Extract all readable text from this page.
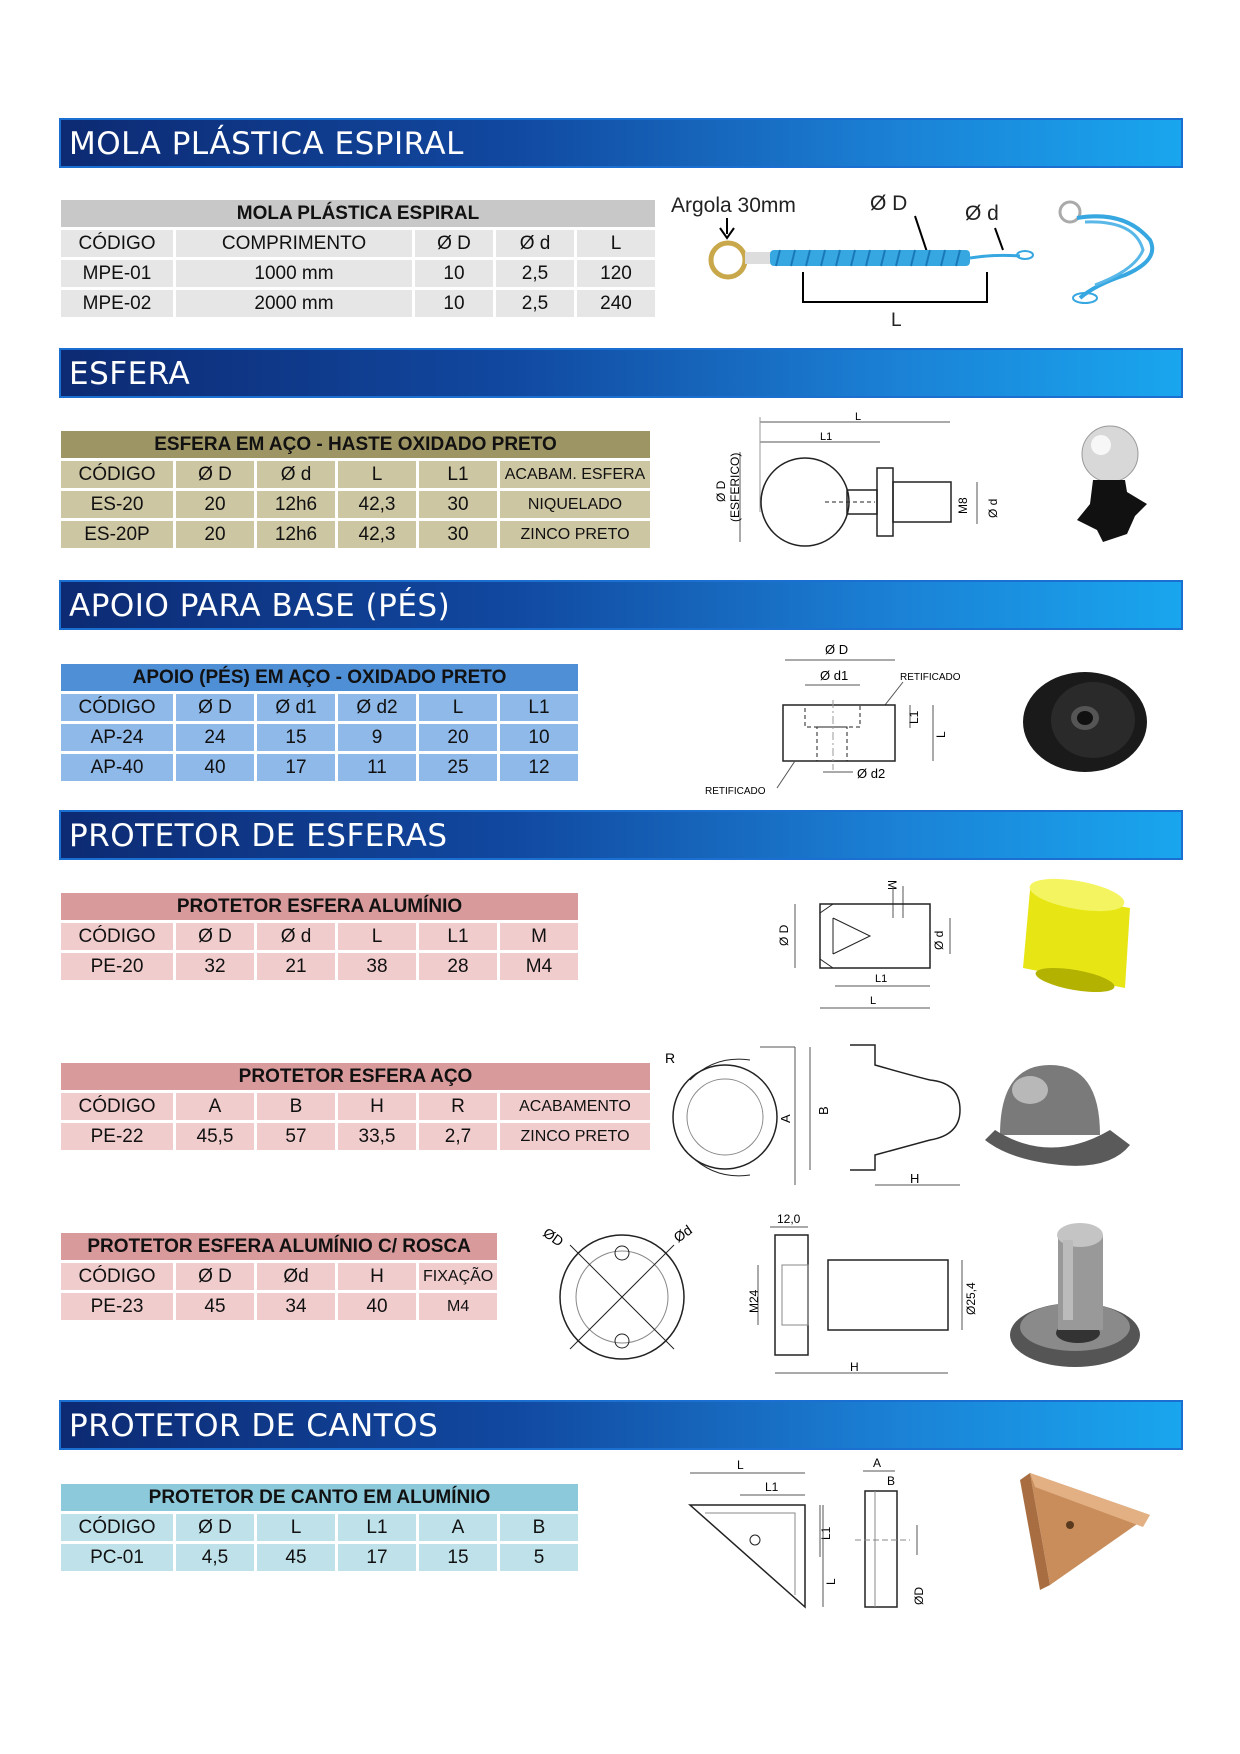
MOLA PLÁSTICA ESPIRAL
MOLA PLÁSTICA ESPIRAL				
CÓDIGO	COMPRIMENTO	Ø D	Ø d	L
MPE-01	1000 mm	10	2,5	120
MPE-02	2000 mm	10	2,5	240
Argola 30mm	Ø D	Ø d
L
ESFERA
ESFERA EM AÇO - HASTE OXIDADO PRETO					
CÓDIGO	Ø D	Ø d	L	L1	ACABAM. ESFERA
ES-20	20	12h6	42,3	30	NIQUELADO
ES-20P	20	12h6	42,3	30	ZINCO PRETO
L
L1
Ø D (ESFERICO)	M8 Ø d
APOIO PARA BASE (PÉS)
APOIO (PÉS) EM AÇO - OXIDADO PRETO					
CÓDIGO	Ø D	Ø d1	Ø d2	L	L1
AP-24	24	15	9	20	10
AP-40	40	17	11	25	12
Ø D
Ø d1	RETIFICADO
L1
L
Ø d2
RETIFICADO
PROTETOR DE ESFERAS
PROTETOR ESFERA ALUMÍNIO					
CÓDIGO	Ø D	Ø d	L	L1	M
PE-20	32	21	38	28	M4
M
Ø D	Ø d
L1
L
PROTETOR ESFERA AÇO					
CÓDIGO	A	B	H	R	ACABAMENTO
PE-22	45,5	57	33,5	2,7	ZINCO PRETO
R
A
B
H
PROTETOR ESFERA ALUMÍNIO C/ ROSCA				
CÓDIGO	Ø D	Ød	H	FIXAÇÃO
PE-23	45	34	40	M4
ØD	Ød
12,0
M24	Ø25,4
H
PROTETOR DE CANTOS
PROTETOR DE CANTO EM ALUMÍNIO					
CÓDIGO	Ø D	L	L1	A	B
PC-01	4,5	45	17	15	5
L
L1
L1
L
A
B
ØD
